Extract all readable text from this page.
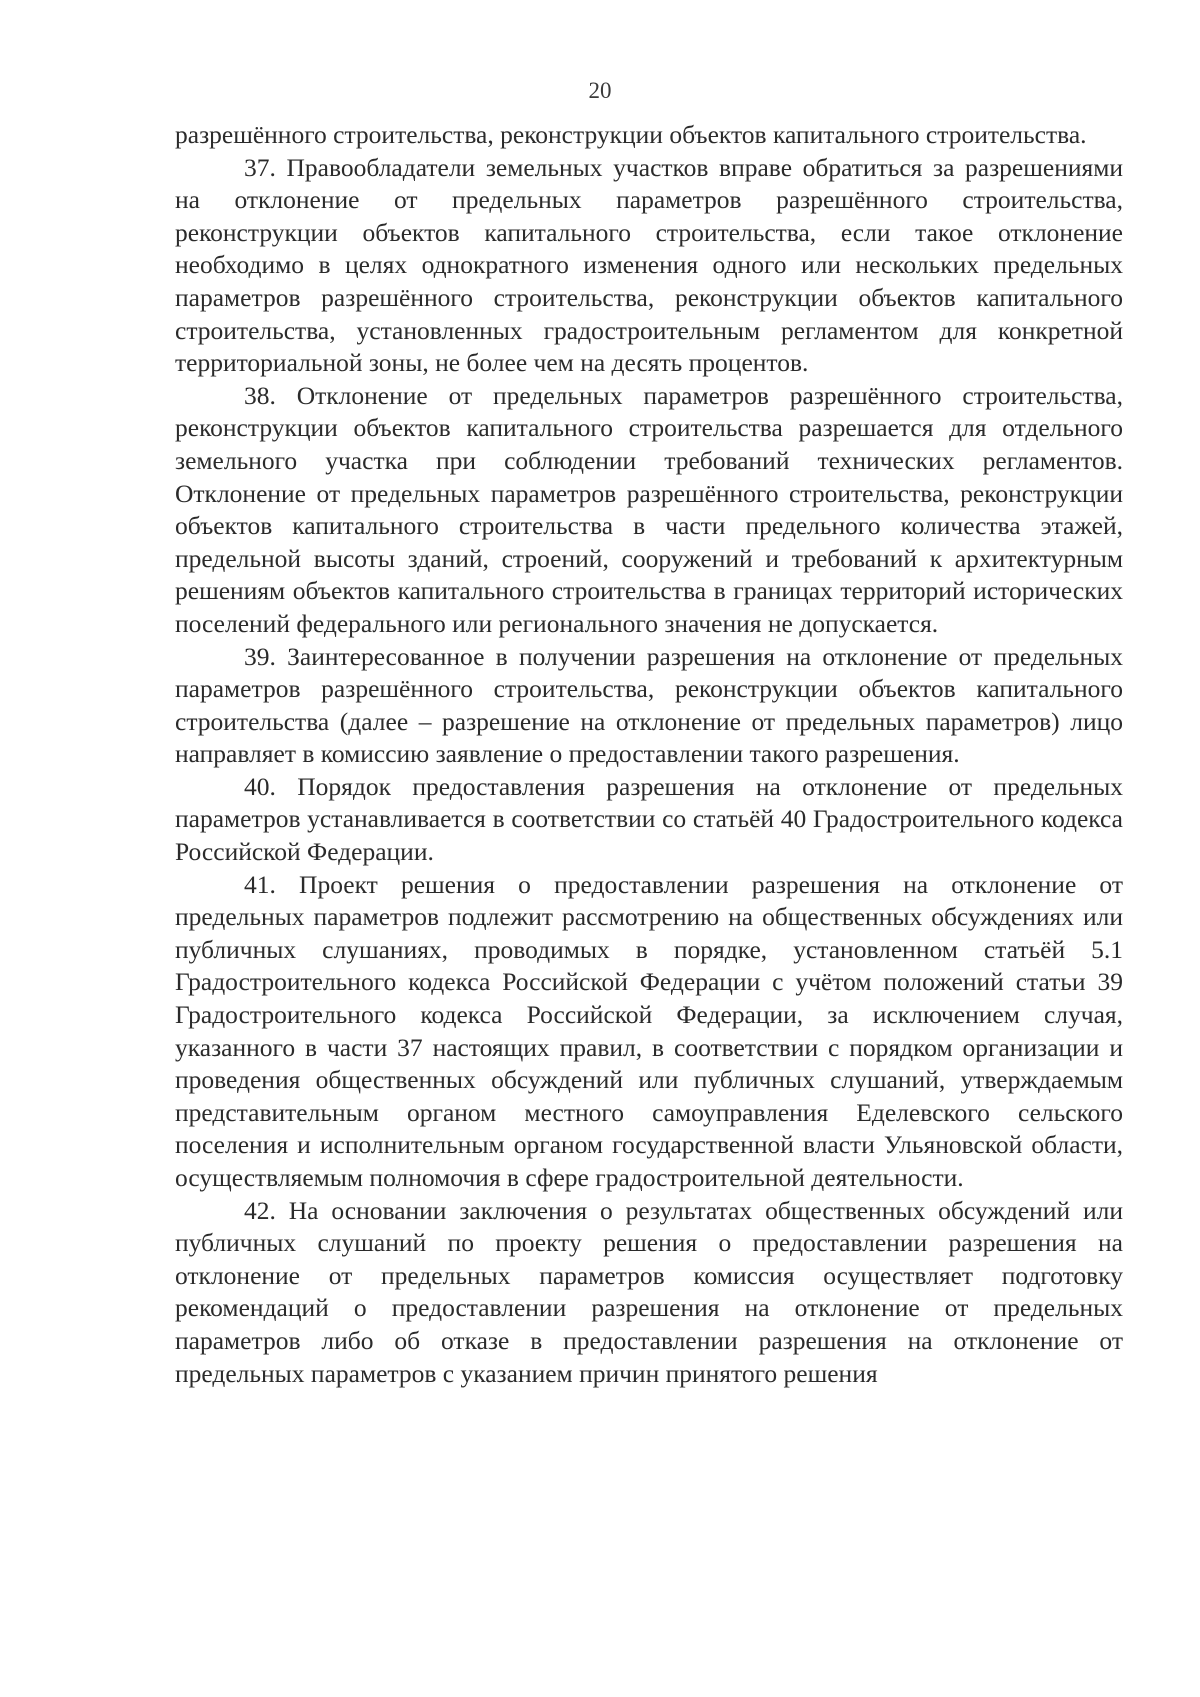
20

разрешённого строительства, реконструкции объектов капитального строительства.

37. Правообладатели земельных участков вправе обратиться за разрешениями на отклонение от предельных параметров разрешённого строительства, реконструкции объектов капитального строительства, если такое отклонение необходимо в целях однократного изменения одного или нескольких предельных параметров разрешённого строительства, реконструкции объектов капитального строительства, установленных градостроительным регламентом для конкретной территориальной зоны, не более чем на десять процентов.

38. Отклонение от предельных параметров разрешённого строительства, реконструкции объектов капитального строительства разрешается для отдельного земельного участка при соблюдении требований технических регламентов. Отклонение от предельных параметров разрешённого строительства, реконструкции объектов капитального строительства в части предельного количества этажей, предельной высоты зданий, строений, сооружений и требований к архитектурным решениям объектов капитального строительства в границах территорий исторических поселений федерального или регионального значения не допускается.

39. Заинтересованное в получении разрешения на отклонение от предельных параметров разрешённого строительства, реконструкции объектов капитального строительства (далее – разрешение на отклонение от предельных параметров) лицо направляет в комиссию заявление о предоставлении такого разрешения.

40. Порядок предоставления разрешения на отклонение от предельных параметров устанавливается в соответствии со статьёй 40 Градостроительного кодекса Российской Федерации.

41. Проект решения о предоставлении разрешения на отклонение от предельных параметров подлежит рассмотрению на общественных обсуждениях или публичных слушаниях, проводимых в порядке, установленном статьёй 5.1 Градостроительного кодекса Российской Федерации с учётом положений статьи 39 Градостроительного кодекса Российской Федерации, за исключением случая, указанного в части 37 настоящих правил, в соответствии с порядком организации и проведения общественных обсуждений или публичных слушаний, утверждаемым представительным органом местного самоуправления Еделевского сельского поселения и исполнительным органом государственной власти Ульяновской области, осуществляемым полномочия в сфере градостроительной деятельности.

42. На основании заключения о результатах общественных обсуждений или публичных слушаний по проекту решения о предоставлении разрешения на отклонение от предельных параметров комиссия осуществляет подготовку рекомендаций о предоставлении разрешения на отклонение от предельных параметров либо об отказе в предоставлении разрешения на отклонение от предельных параметров с указанием причин принятого решения
